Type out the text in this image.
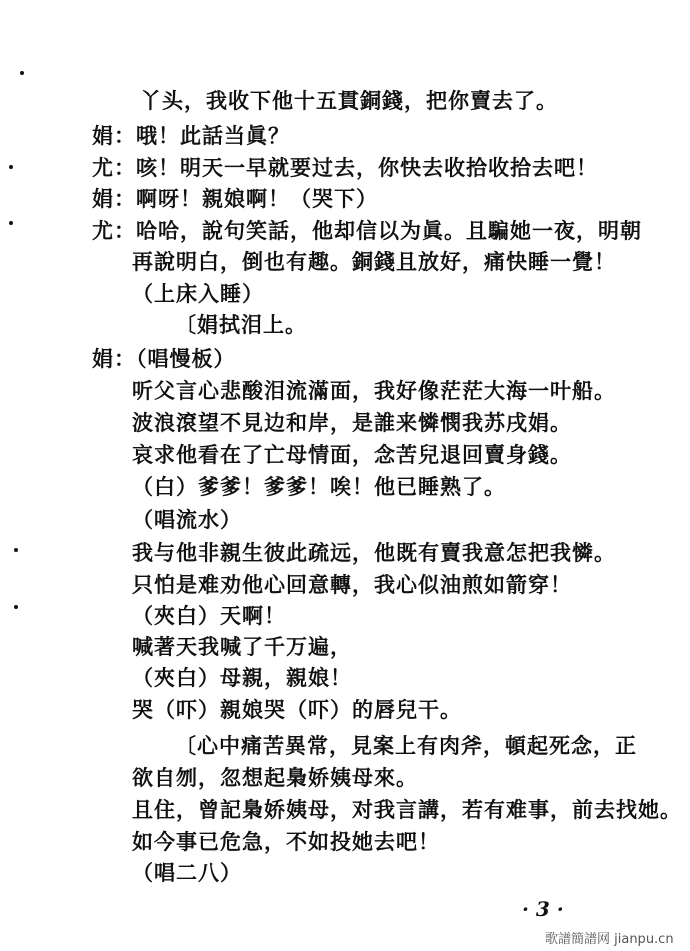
丫头，我收下他十五貫銅錢，把你賣去了。
娟：哦！此話当眞？
尤：咳！明天一早就要过去，你快去收拾收拾去吧！
娟：啊呀！親娘啊！（哭下）
尤：哈哈，說句笑話，他却信以为眞。且騙她一夜，明朝
再說明白，倒也有趣。銅錢且放好，痛快睡一覺！
（上床入睡）
〔娟拭泪上。
娟：（唱慢板）
听父言心悲酸泪流滿面，我好像茫茫大海一叶船。
波浪滾望不見边和岸，是誰来憐憫我苏戌娟。
哀求他看在了亡母情面，念苦兒退回賣身錢。
（白）爹爹！爹爹！唉！他已睡熟了。
（唱流水）
我与他非親生彼此疏远，他既有賣我意怎把我憐。
只怕是难劝他心回意轉，我心似油煎如箭穿！
（夾白）天啊！
喊著天我喊了千万遍，
（夾白）母親，親娘！
哭（吓）親娘哭（吓）的唇兒干。
〔心中痛苦異常，見案上有肉斧，頓起死念，正
欲自刎，忽想起梟娇姨母來。
且住，曾記梟娇姨母，对我言講，若有难事，前去找她。
如今事已危急，不如投她去吧！
（唱二八）
· 3 ·
歌譜簡譜网 jianpu.cn
